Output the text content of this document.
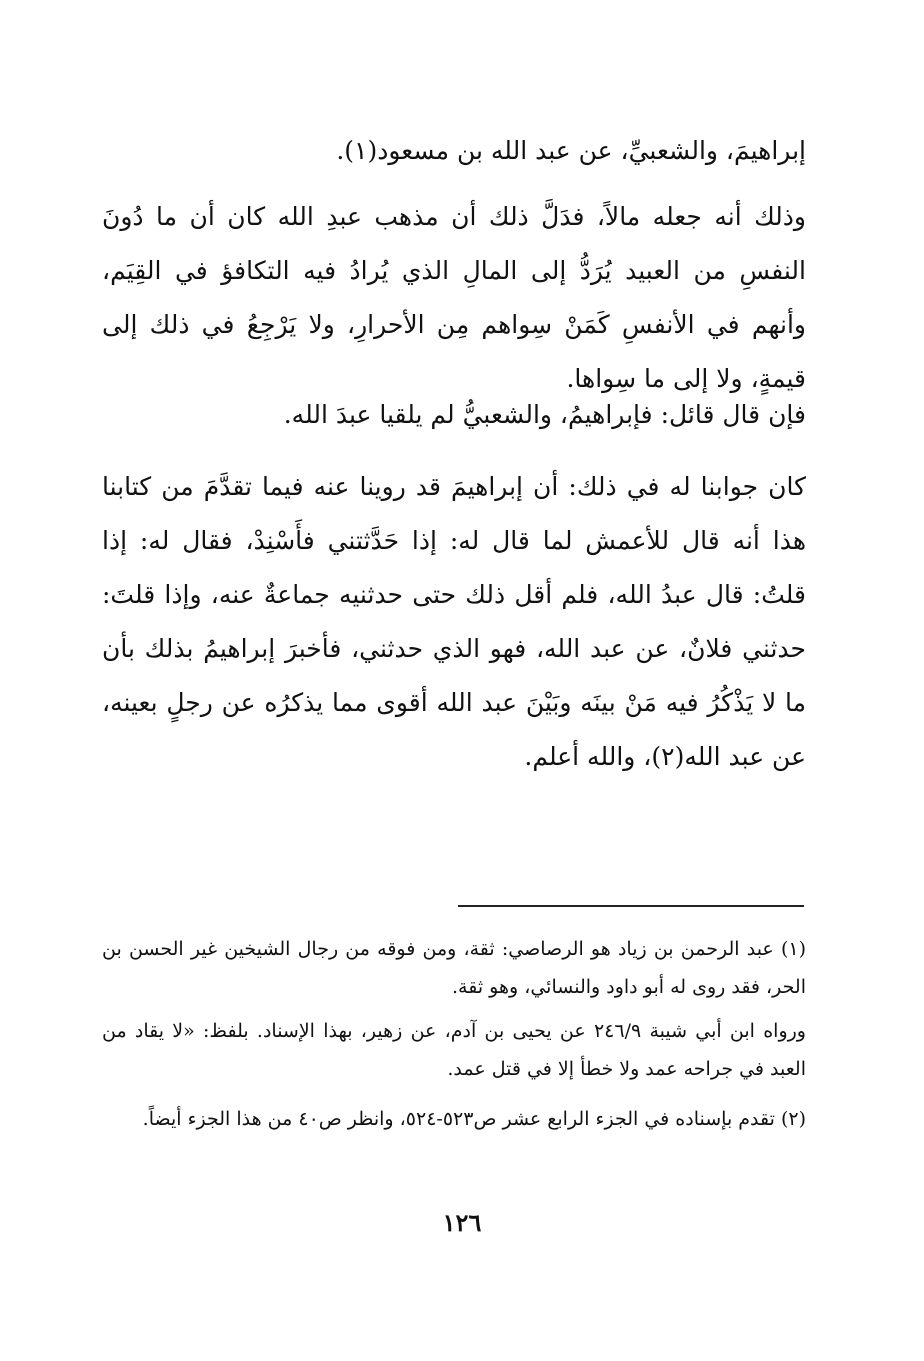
إبراهيمَ، والشعبيِّ، عن عبد الله بن مسعود(١).

وذلك أنه جعله مالاً، فدَلَّ ذلك أن مذهب عبدِ الله كان أن ما دُونَ النفسِ من العبيد يُرَدُّ إلى المالِ الذي يُرادُ فيه التكافؤ في القِيَم، وأنهم في الأنفسِ كَمَنْ سِواهم مِن الأحرارِ، ولا يَرْجِعُ في ذلك إلى قيمةٍ، ولا إلى ما سِواها.

فإن قال قائل: فإبراهيمُ، والشعبيُّ لم يلقيا عبدَ الله.

كان جوابنا له في ذلك: أن إبراهيمَ قد روينا عنه فيما تقدَّمَ من كتابنا هذا أنه قال للأعمش لما قال له: إذا حَدَّثتني فأَسْنِدْ، فقال له: إذا قلتُ: قال عبدُ الله، فلم أقل ذلك حتى حدثنيه جماعةٌ عنه، وإذا قلتَ: حدثني فلانٌ، عن عبد الله، فهو الذي حدثني، فأخبرَ إبراهيمُ بذلك بأن ما لا يَذْكُرُ فيه مَنْ بينَه وبَيْنَ عبد الله أقوى مما يذكرُه عن رجلٍ بعينه، عن عبد الله(٢)، والله أعلم.

(١) عبد الرحمن بن زياد هو الرصاصي: ثقة، ومن فوقه من رجال الشيخين غير الحسن بن الحر، فقد روى له أبو داود والنسائي، وهو ثقة.

ورواه ابن أبي شيبة ٢٤٦/٩ عن يحيى بن آدم، عن زهير، بهذا الإسناد. بلفظ: «لا يقاد من العبد في جراحه عمد ولا خطأ إلا في قتل عمد.

(٢) تقدم بإسناده في الجزء الرابع عشر ص٥٢٣-٥٢٤، وانظر ص٤٠ من هذا الجزء أيضاً.

١٢٦
